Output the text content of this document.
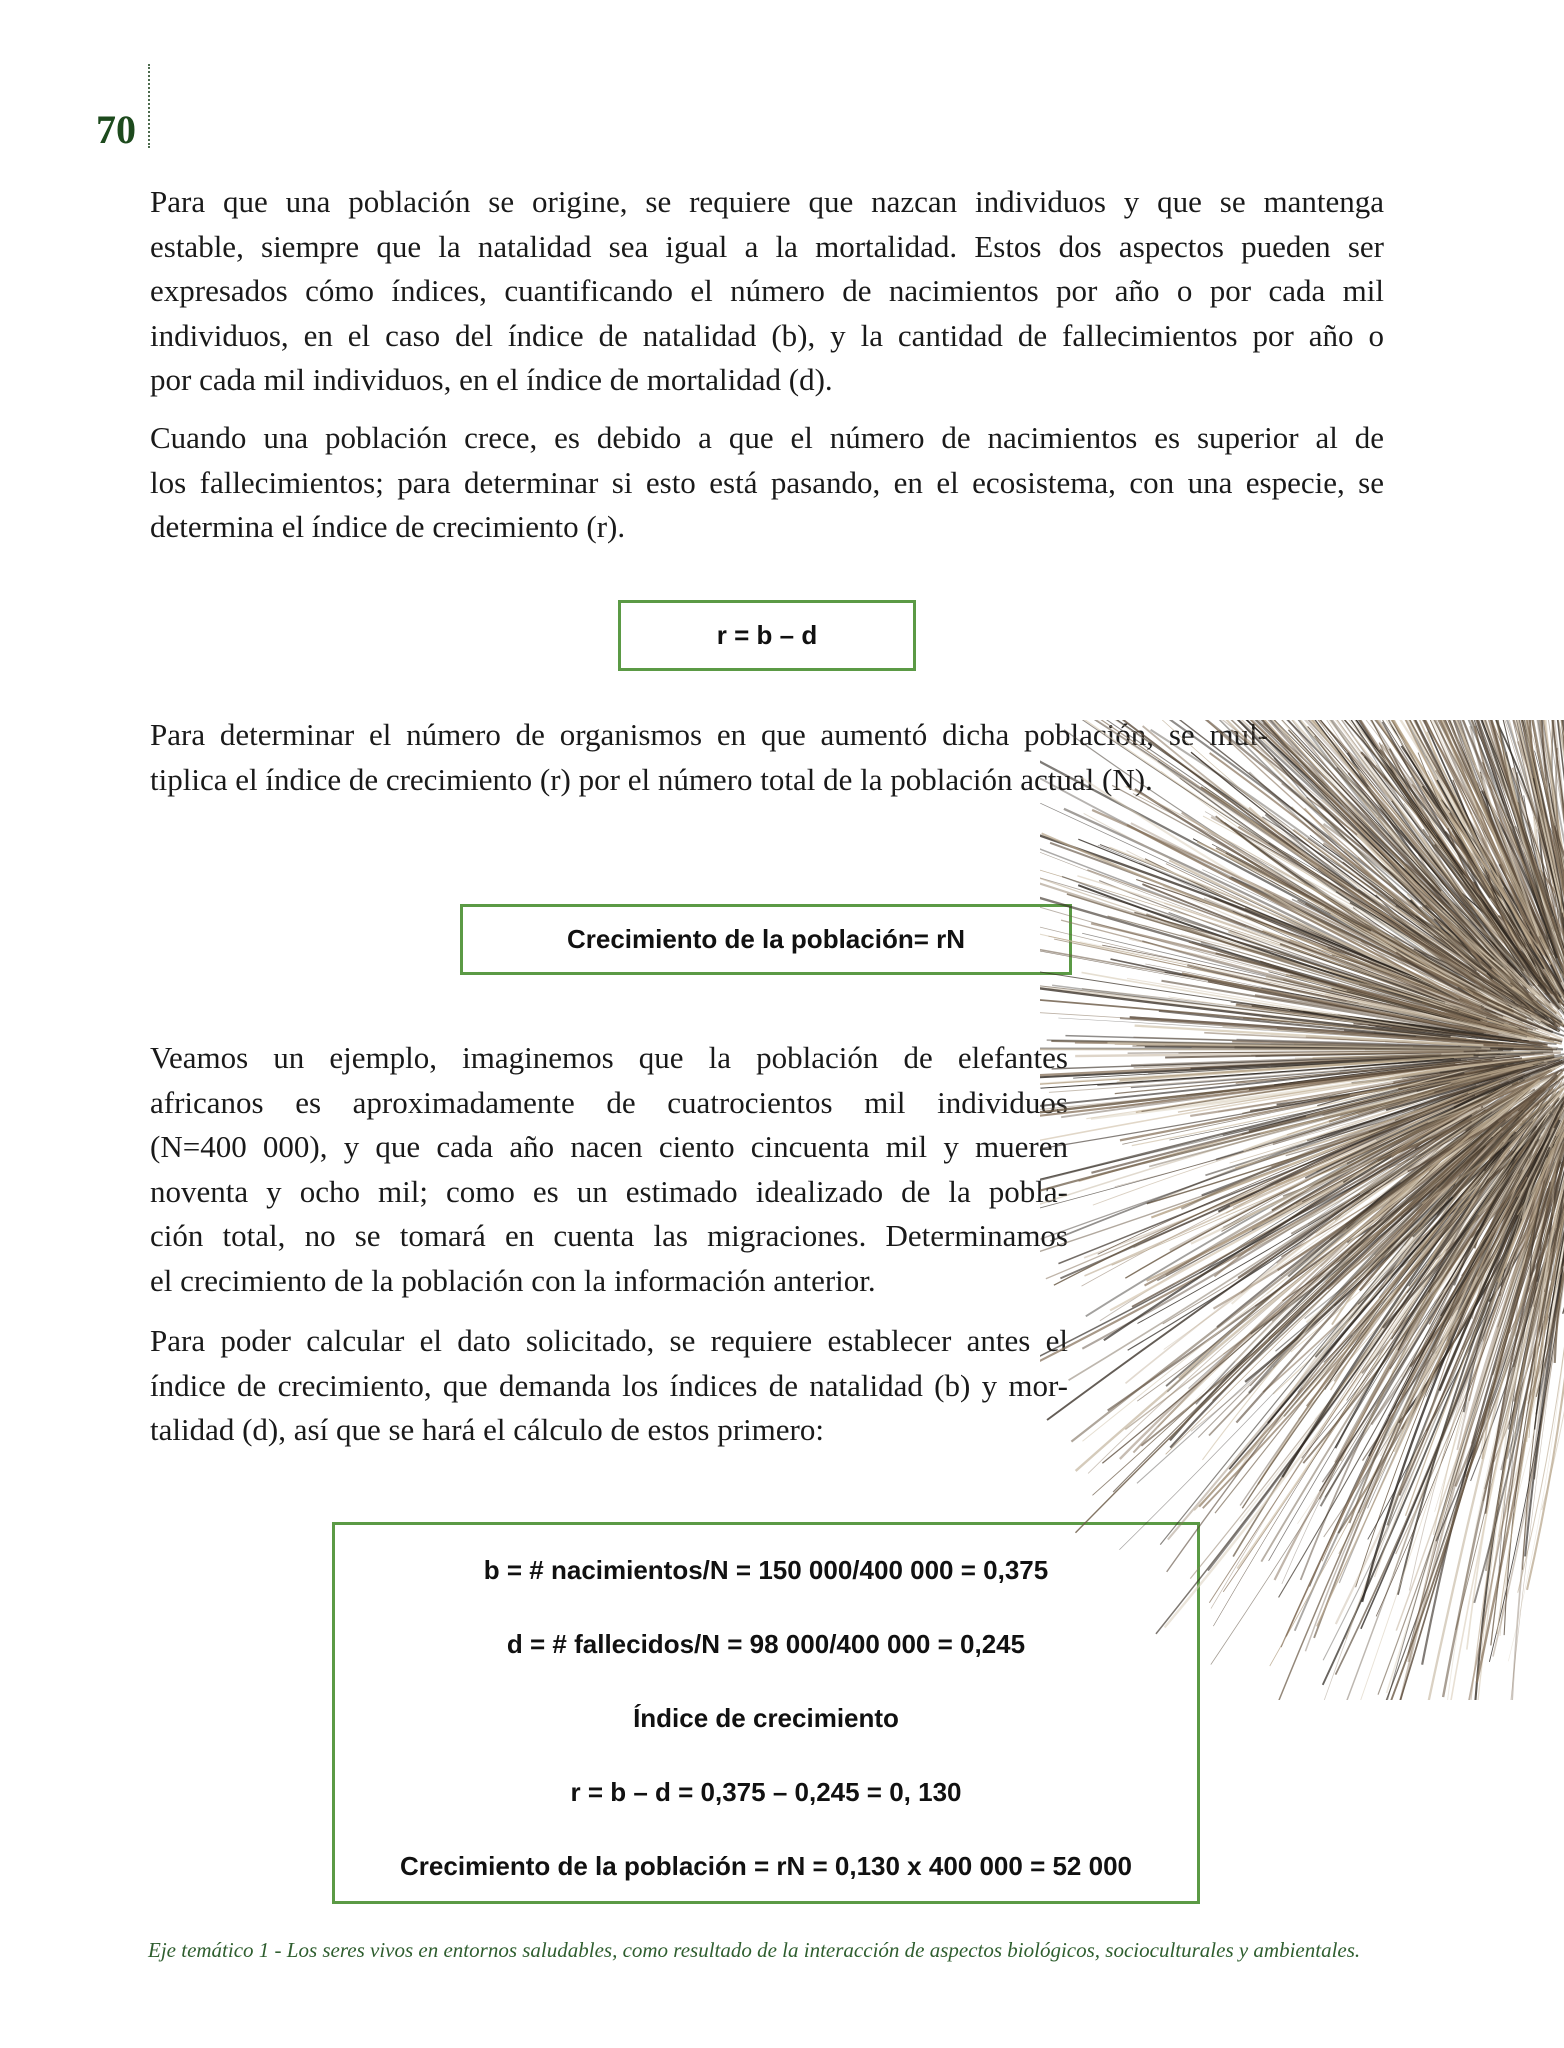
70
Para que una población se origine, se requiere que nazcan individuos y que se mantenga
estable, siempre que la natalidad sea igual a la mortalidad. Estos dos aspectos pueden ser
expresados cómo índices, cuantificando el número de nacimientos por año o por cada mil
individuos, en el caso del índice de natalidad (b), y la cantidad de fallecimientos por año o
por cada mil individuos, en el índice de mortalidad (d).
Cuando una población crece, es debido a que el número de nacimientos es superior al de
los fallecimientos; para determinar si esto está pasando, en el ecosistema, con una especie, se
determina el índice de crecimiento (r).
r = b – d
Para determinar el número de organismos en que aumentó dicha población, se mul-
tiplica el índice de crecimiento (r) por el número total de la población actual (N).
Crecimiento de la población= rN
Veamos un ejemplo, imaginemos que la población de elefantes
africanos es aproximadamente de cuatrocientos mil individuos
(N=400 000), y que cada año nacen ciento cincuenta mil y mueren
noventa y ocho mil; como es un estimado idealizado de la pobla-
ción total, no se tomará en cuenta las migraciones. Determinamos
el crecimiento de la población con la información anterior.
Para poder calcular el dato solicitado, se requiere establecer antes el
índice de crecimiento, que demanda los índices de natalidad (b) y mor-
talidad (d), así que se hará el cálculo de estos primero:
b = # nacimientos/N = 150 000/400 000 = 0,375
d = # fallecidos/N = 98 000/400 000 = 0,245
Índice de crecimiento
r = b – d = 0,375 – 0,245 = 0, 130
Crecimiento de la población = rN = 0,130 x 400 000 = 52 000
Eje temático 1 - Los seres vivos en entornos saludables, como resultado de la interacción de aspectos biológicos, socioculturales y ambientales.
